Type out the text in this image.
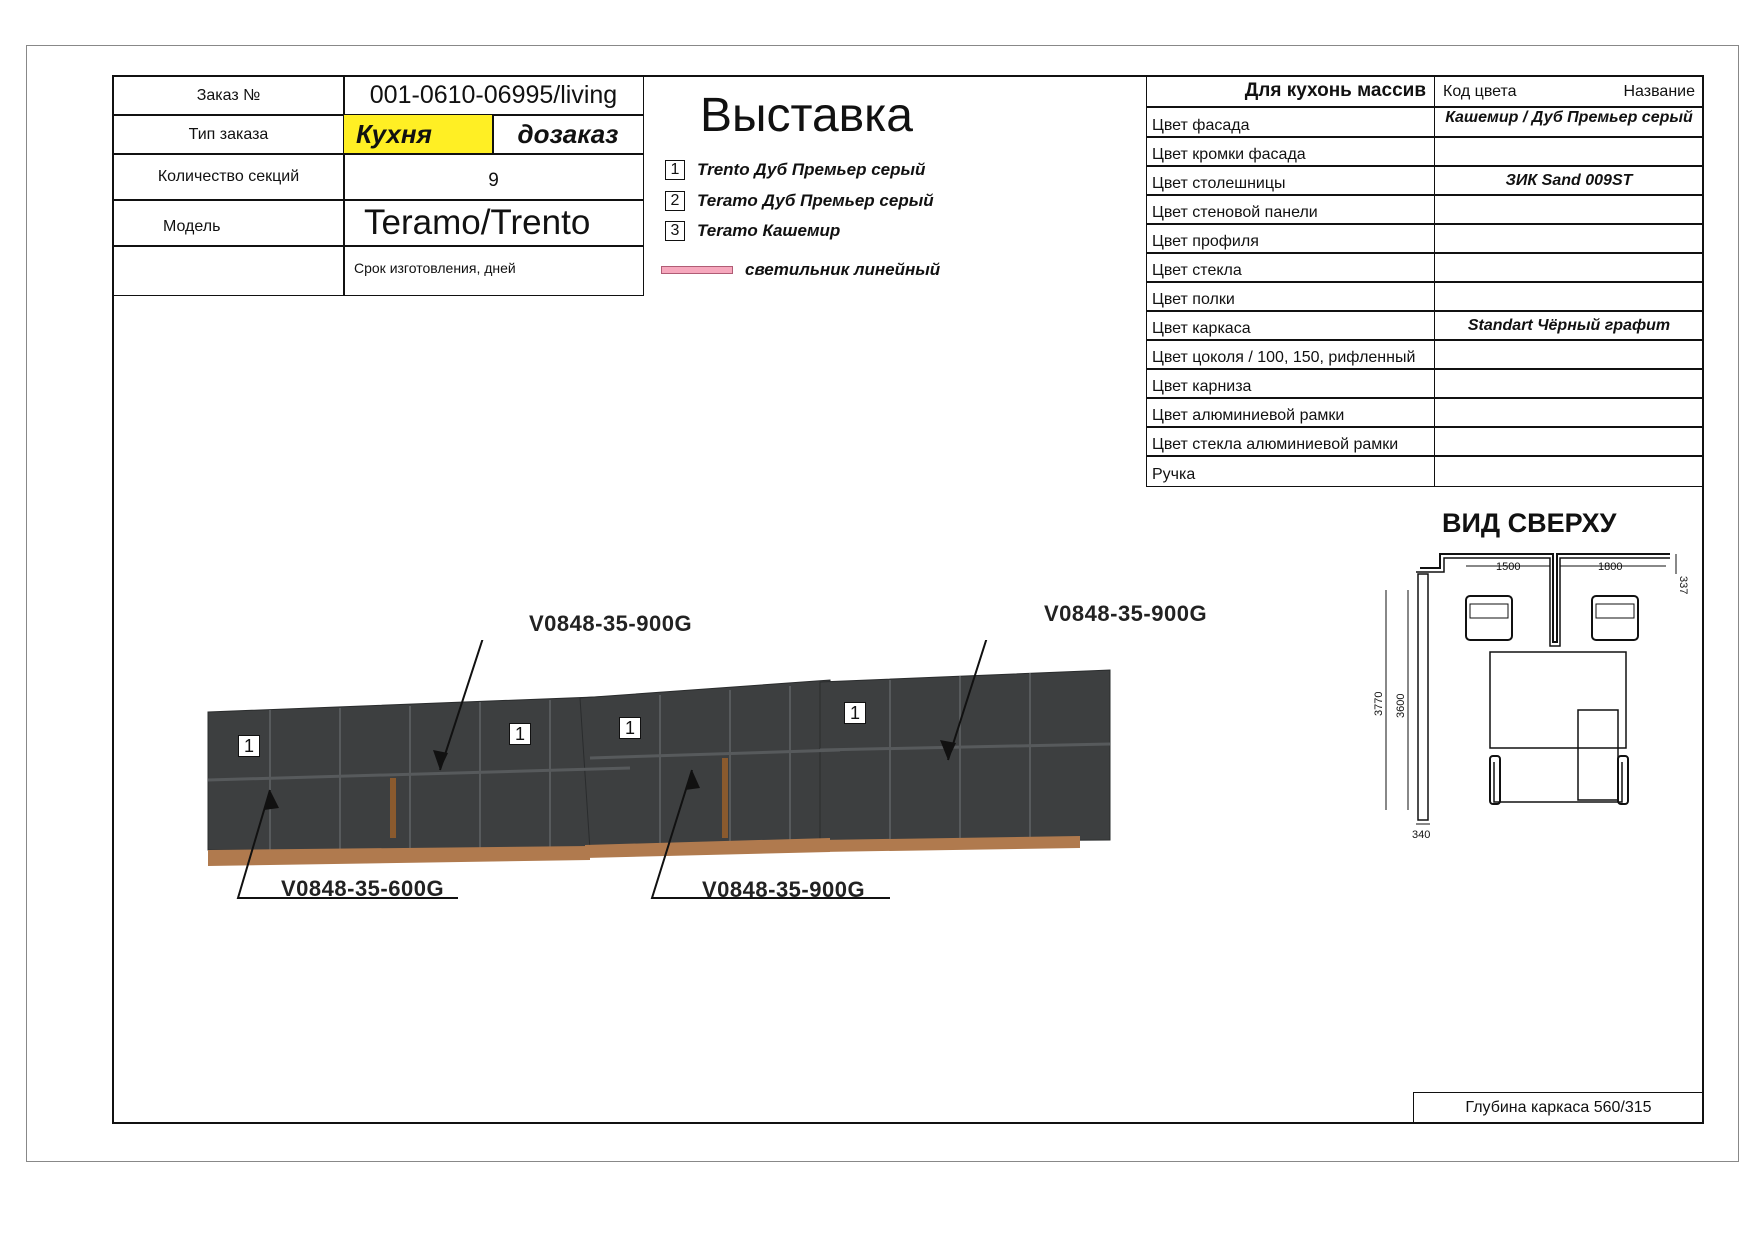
Заказ №	001-0610-06995/living
Тип заказа	Кухня	дозаказ
Количество секций	9
Модель	Teramo/Trento
Срок изготовления, дней
Выставка
1	Trento Дуб Премьер серый
2	Teramo Дуб Премьер серый
3	Teramo Кашемир
светильник линейный
Для кухонь массив	Код цвета	Название
Цвет фасада	Кашемир / Дуб Премьер серый
Цвет кромки фасада
Цвет столешницы	ЗИК Sand 009ST
Цвет стеновой панели
Цвет профиля
Цвет стекла
Цвет полки
Цвет каркаса	Standart Чёрный графит
Цвет цоколя / 100, 150, рифленный
Цвет карниза
Цвет алюминиевой рамки
Цвет стекла алюминиевой рамки
Ручка
ВИД СВЕРХУ
1500	1800
337
3770 3600
340
V0848-35-900G	V0848-35-900G
V0848-35-600G	V0848-35-900G
1
1	1
1
Глубина каркаса 560/315
